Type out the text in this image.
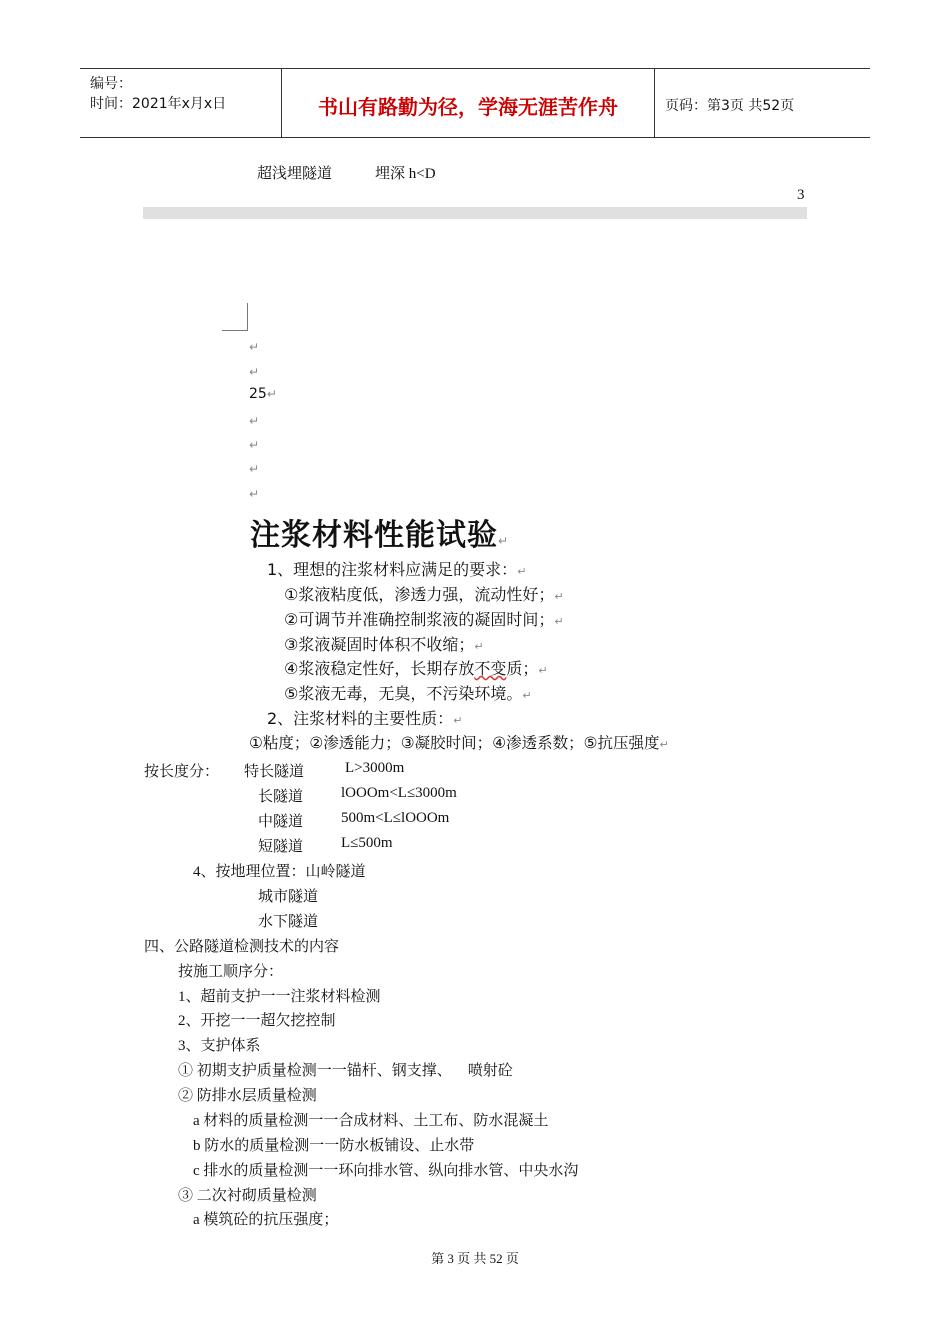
编号：
时间：2021年x月x日	书山有路勤为径，学海无涯苦作舟	页码：第3页 共52页
超浅埋隧道	埋深 h<D
3
↵
↵
25↵
↵
↵
↵
↵
注浆材料性能试验↵
1、理想的注浆材料应满足的要求：↵
①浆液粘度低，渗透力强，流动性好；↵
②可调节并准确控制浆液的凝固时间；↵
③浆液凝固时体积不收缩；↵
④浆液稳定性好，长期存放不变质；↵
⑤浆液无毒，无臭，不污染环境。↵
2、注浆材料的主要性质：↵
①粘度；②渗透能力；③凝胶时间；④渗透系数；⑤抗压强度↵
按长度分： 特长隧道	L>3000m
长隧道	lOOOm<L≤3000m
中隧道	500m<L≤lOOOm
短隧道	L≤500m
4、按地理位置：山岭隧道
城市隧道
水下隧道
四、公路隧道检测技术的内容
按施工顺序分：
1、超前支护一一注浆材料检测
2、开挖一一超欠挖控制
3、支护体系
① 初期支护质量检测一一锚杆、钢支撑、 喷射砼
② 防排水层质量检测
a 材料的质量检测一一合成材料、土工布、防水混凝土
b 防水的质量检测一一防水板铺设、止水带
c 排水的质量检测一一环向排水管、纵向排水管、中央水沟
③ 二次衬砌质量检测
a 模筑砼的抗压强度；
第 3 页 共 52 页
